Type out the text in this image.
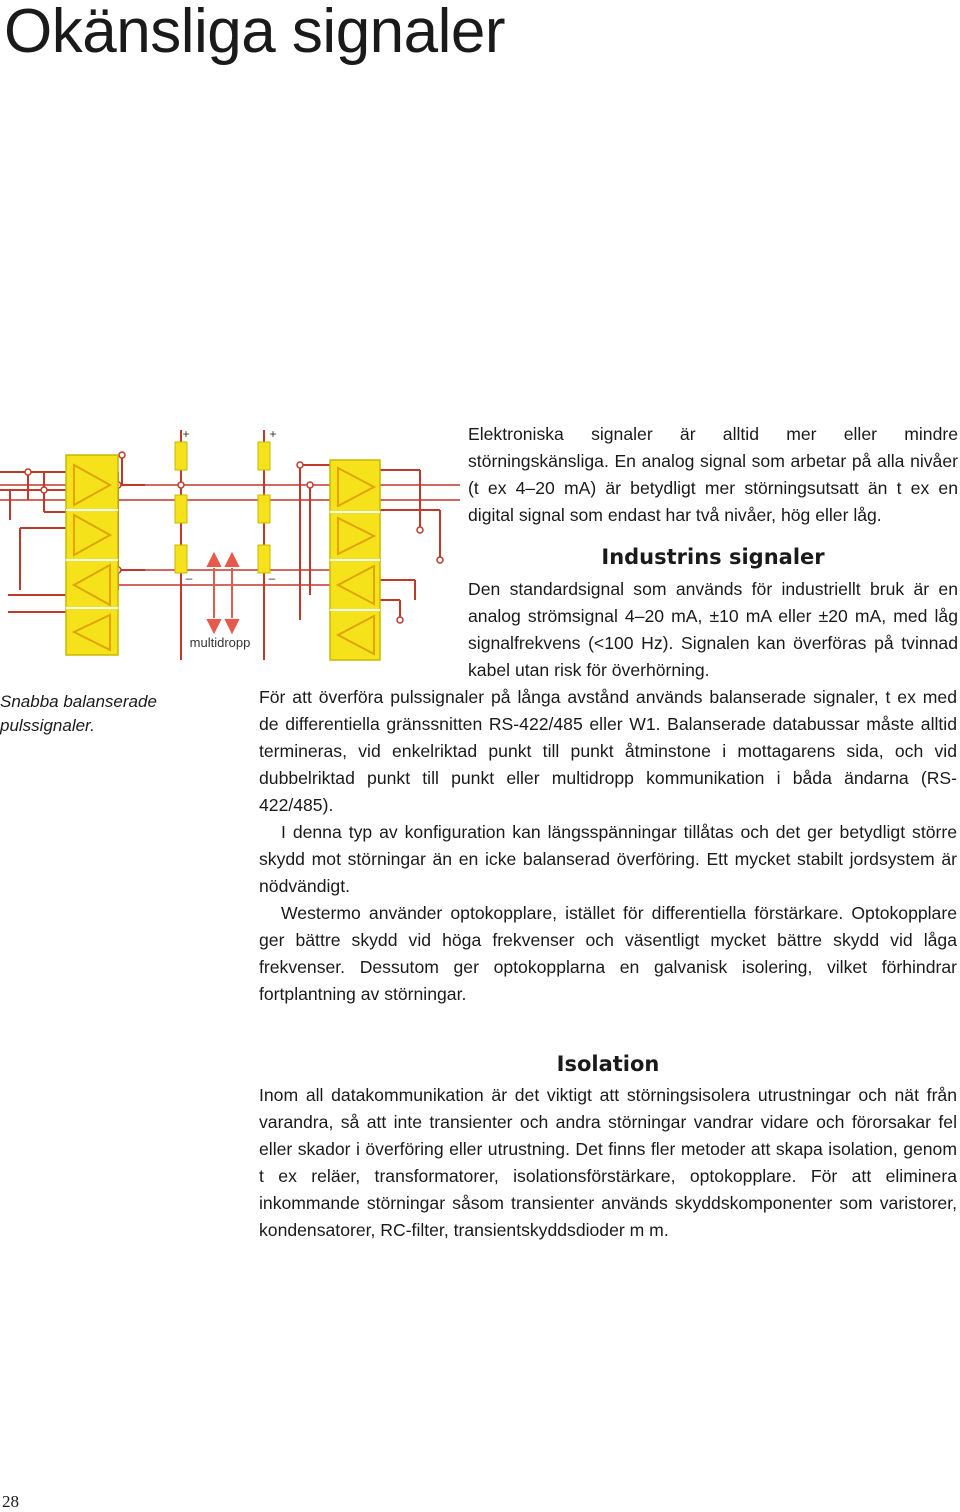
Okänsliga signaler
+	+
–	–
multidropp

Snabba balanserade pulssignaler.

Elektroniska signaler är alltid mer eller mindre störningskänsliga. En analog signal som arbetar på alla nivåer (t ex 4–20 mA) är betydligt mer störningsutsatt än t ex en digital signal som endast har två nivåer, hög eller låg.

Industrins signaler

Den standardsignal som används för industriellt bruk är en analog strömsignal 4–20 mA, ±10 mA eller ±20 mA, med låg signalfrekvens (<100 Hz). Signalen kan överföras på tvinnad kabel utan risk för överhörning.

För att överföra pulssignaler på långa avstånd används balanserade signaler, t ex med de differentiella gränssnitten RS-422/485 eller W1. Balanserade databussar måste alltid termineras, vid enkelriktad punkt till punkt åtminstone i mottagarens sida, och vid dubbelriktad punkt till punkt eller multidropp kommunikation i båda ändarna (RS-422/485).

I denna typ av konfiguration kan längsspänningar tillåtas och det ger betydligt större skydd mot störningar än en icke balanserad överföring. Ett mycket stabilt jordsystem är nödvändigt.

Westermo använder optokopplare, istället för differentiella förstärkare. Optokopplare ger bättre skydd vid höga frekvenser och väsentligt mycket bättre skydd vid låga frekvenser. Dessutom ger optokopplarna en galvanisk isolering, vilket förhindrar fortplantning av störningar.

Isolation

Inom all datakommunikation är det viktigt att störningsisolera utrustningar och nät från varandra, så att inte transienter och andra störningar vandrar vidare och förorsakar fel eller skador i överföring eller utrustning. Det finns fler metoder att skapa isolation, genom t ex reläer, transformatorer, isolationsförstärkare, optokopplare. För att eliminera inkommande störningar såsom transienter används skyddskomponenter som varistorer, kondensatorer, RC-filter, transientskyddsdioder m m.

28
